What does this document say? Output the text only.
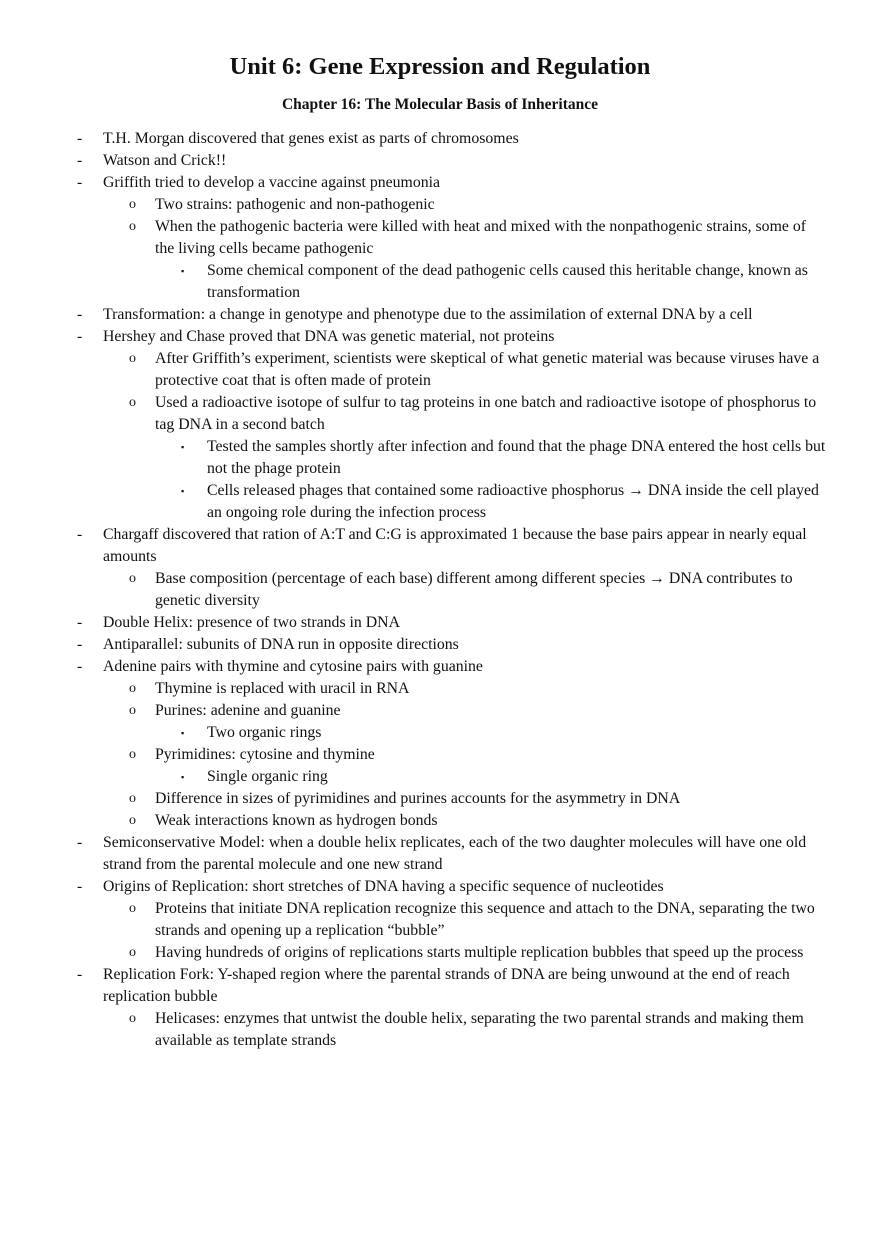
Unit 6: Gene Expression and Regulation
Chapter 16: The Molecular Basis of Inheritance
- T.H. Morgan discovered that genes exist as parts of chromosomes
- Watson and Crick!!
- Griffith tried to develop a vaccine against pneumonia
o Two strains: pathogenic and non-pathogenic
o When the pathogenic bacteria were killed with heat and mixed with the nonpathogenic strains, some of the living cells became pathogenic
▪ Some chemical component of the dead pathogenic cells caused this heritable change, known as transformation
- Transformation: a change in genotype and phenotype due to the assimilation of external DNA by a cell
- Hershey and Chase proved that DNA was genetic material, not proteins
o After Griffith’s experiment, scientists were skeptical of what genetic material was because viruses have a protective coat that is often made of protein
o Used a radioactive isotope of sulfur to tag proteins in one batch and radioactive isotope of phosphorus to tag DNA in a second batch
▪ Tested the samples shortly after infection and found that the phage DNA entered the host cells but not the phage protein
▪ Cells released phages that contained some radioactive phosphorus → DNA inside the cell played an ongoing role during the infection process
- Chargaff discovered that ration of A:T and C:G is approximated 1 because the base pairs appear in nearly equal amounts
o Base composition (percentage of each base) different among different species → DNA contributes to genetic diversity
- Double Helix: presence of two strands in DNA
- Antiparallel: subunits of DNA run in opposite directions
- Adenine pairs with thymine and cytosine pairs with guanine
o Thymine is replaced with uracil in RNA
o Purines: adenine and guanine
▪ Two organic rings
o Pyrimidines: cytosine and thymine
▪ Single organic ring
o Difference in sizes of pyrimidines and purines accounts for the asymmetry in DNA
o Weak interactions known as hydrogen bonds
- Semiconservative Model: when a double helix replicates, each of the two daughter molecules will have one old strand from the parental molecule and one new strand
- Origins of Replication: short stretches of DNA having a specific sequence of nucleotides
o Proteins that initiate DNA replication recognize this sequence and attach to the DNA, separating the two strands and opening up a replication “bubble”
o Having hundreds of origins of replications starts multiple replication bubbles that speed up the process
- Replication Fork: Y-shaped region where the parental strands of DNA are being unwound at the end of reach replication bubble
o Helicases: enzymes that untwist the double helix, separating the two parental strands and making them available as template strands
